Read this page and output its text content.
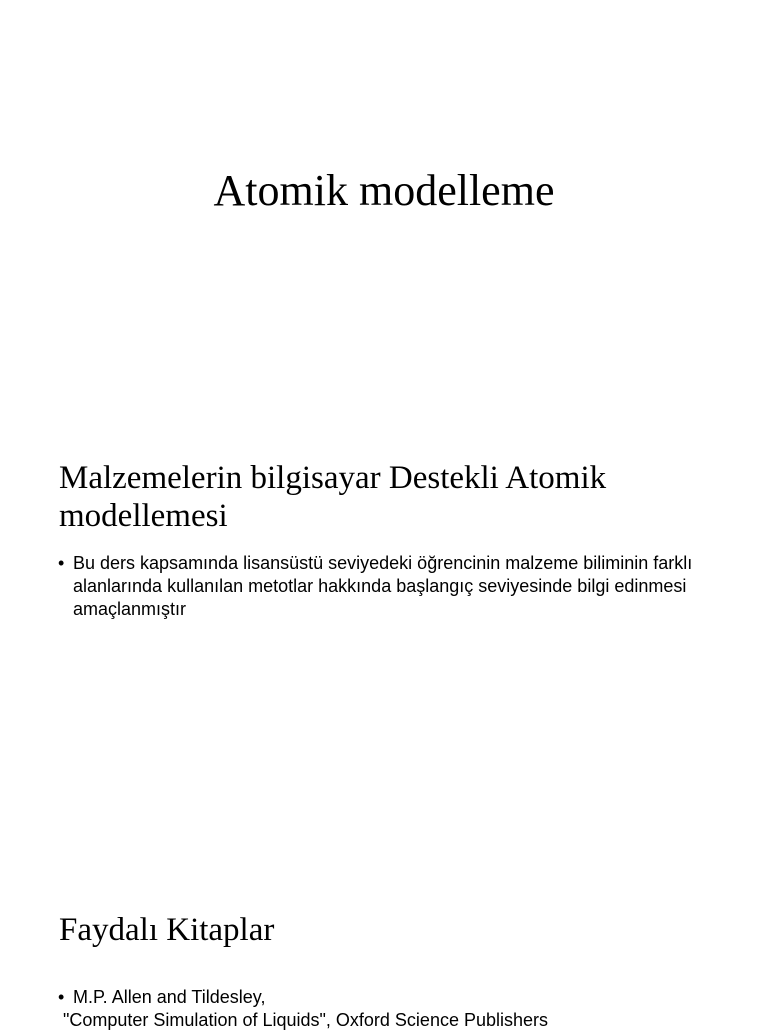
Atomik modelleme
Malzemelerin bilgisayar Destekli Atomik modellemesi
• Bu ders kapsamında lisansüstü seviyedeki öğrencinin malzeme biliminin farklı alanlarında kullanılan metotlar hakkında başlangıç seviyesinde bilgi edinmesi amaçlanmıştır
Faydalı Kitaplar
• M.P. Allen and Tildesley,
"Computer Simulation of Liquids", Oxford Science Publishers
